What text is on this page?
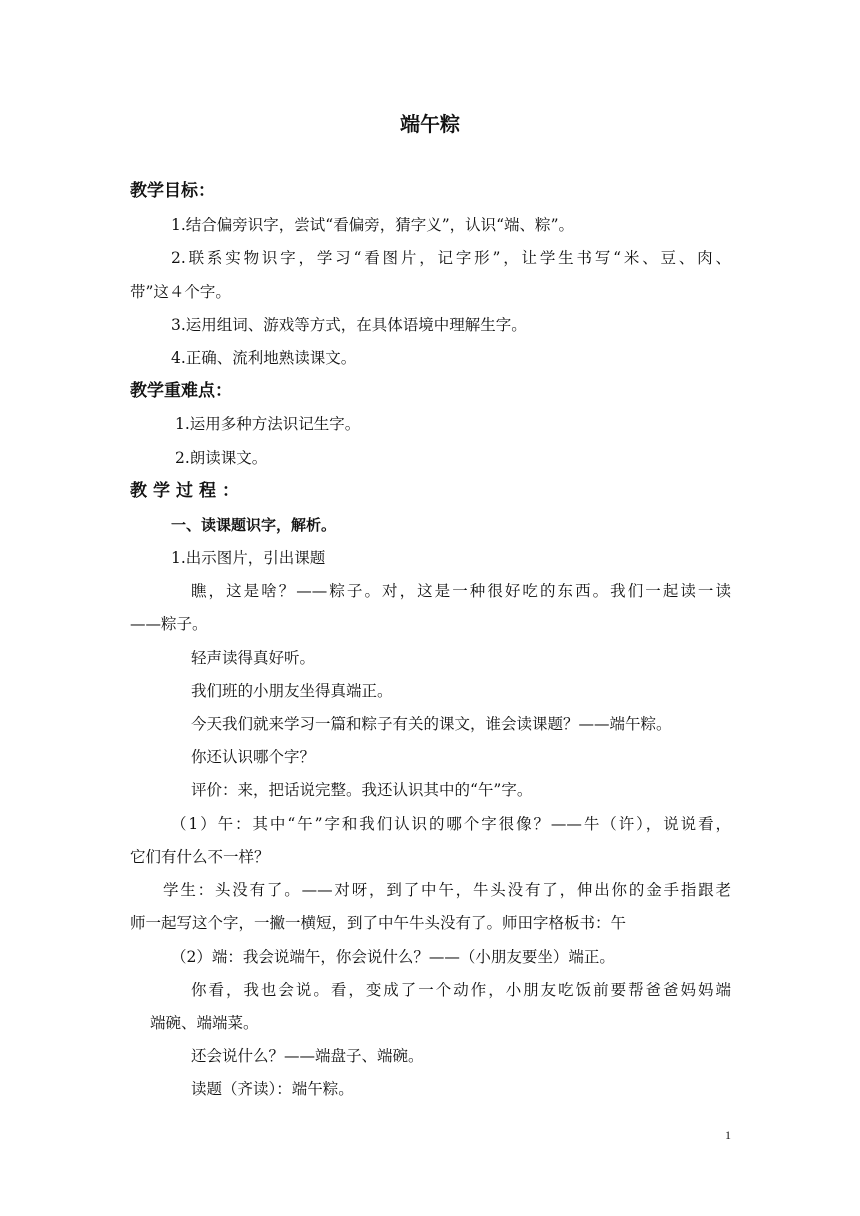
端午粽
教学目标：
1.结合偏旁识字，尝试“看偏旁，猜字义”，认识“端、粽”。
2.联系实物识字，学习“看图片，记字形”，让学生书写“米、豆、肉、
带”这４个字。
3.运用组词、游戏等方式，在具体语境中理解生字。
4.正确、流利地熟读课文。
教学重难点：
1.运用多种方法识记生字。
2.朗读课文。
教学过程：
一、读课题识字，解析。
1.出示图片，引出课题
瞧，这是啥？——粽子。对，这是一种很好吃的东西。我们一起读一读
——粽子。
轻声读得真好听。
我们班的小朋友坐得真端正。
今天我们就来学习一篇和粽子有关的课文，谁会读课题？——端午粽。
你还认识哪个字？
评价：来，把话说完整。我还认识其中的“午”字。
（1）午：其中“午”字和我们认识的哪个字很像？——牛（许），说说看，
它们有什么不一样？
学生：头没有了。——对呀，到了中午，牛头没有了，伸出你的金手指跟老
师一起写这个字，一撇一横短，到了中午牛头没有了。师田字格板书：午
（2）端：我会说端午，你会说什么？——（小朋友要坐）端正。
你看，我也会说。看，变成了一个动作，小朋友吃饭前要帮爸爸妈妈端
端碗、端端菜。
还会说什么？——端盘子、端碗。
读题（齐读）：端午粽。
1
